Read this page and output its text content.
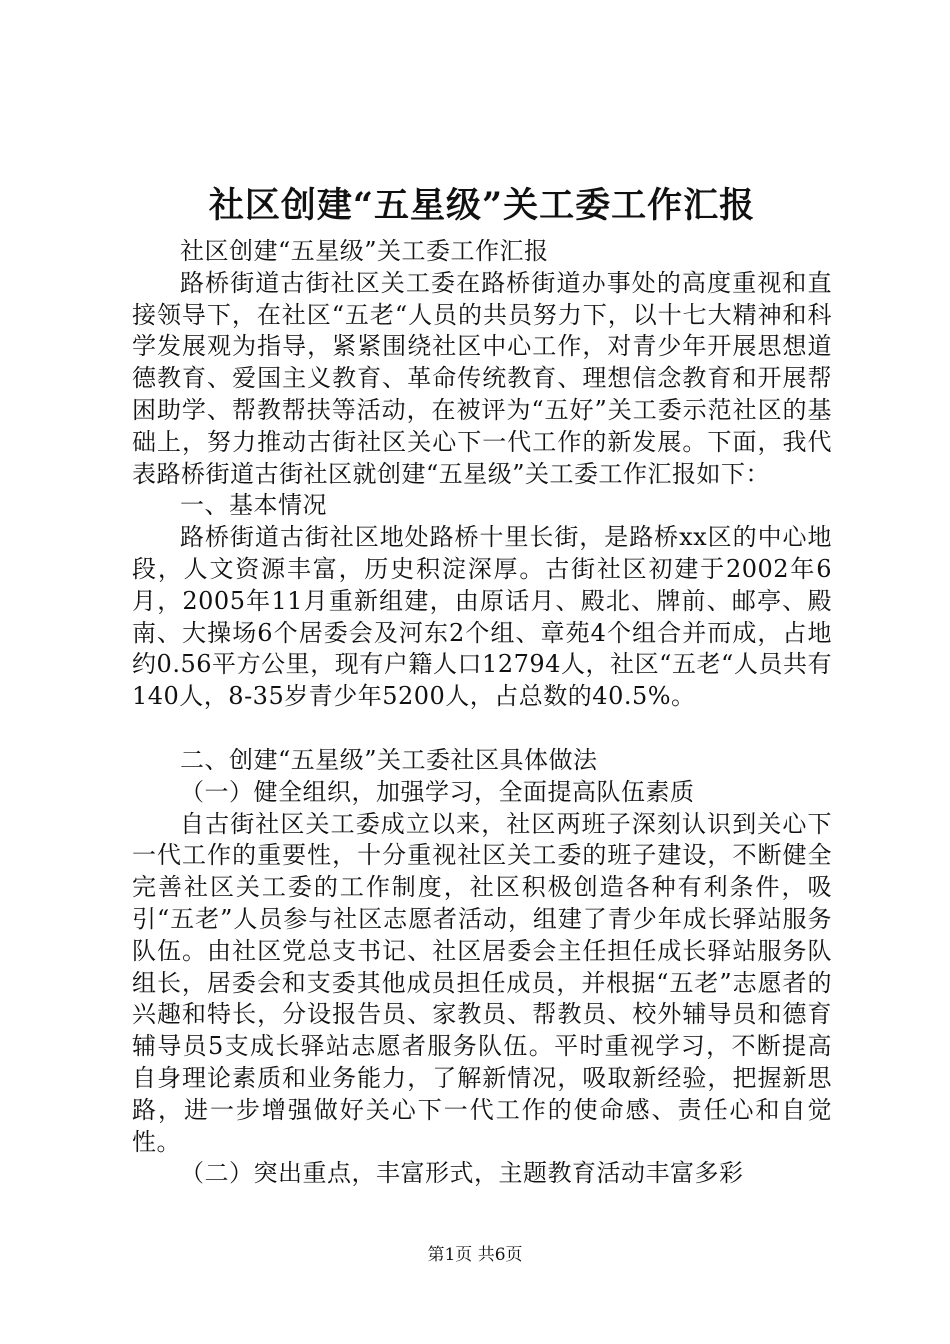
社区创建“五星级”关工委工作汇报

社区创建“五星级”关工委工作汇报

路桥街道古街社区关工委在路桥街道办事处的高度重视和直接领导下，在社区“五老“人员的共员努力下，以十七大精神和科学发展观为指导，紧紧围绕社区中心工作，对青少年开展思想道德教育、爱国主义教育、革命传统教育、理想信念教育和开展帮困助学、帮教帮扶等活动，在被评为“五好”关工委示范社区的基础上，努力推动古街社区关心下一代工作的新发展。下面，我代表路桥街道古街社区就创建“五星级”关工委工作汇报如下：

一、基本情况

路桥街道古街社区地处路桥十里长街，是路桥xx区的中心地段，人文资源丰富，历史积淀深厚。古街社区初建于2002年6月，2005年11月重新组建，由原话月、殿北、牌前、邮亭、殿南、大操场6个居委会及河东2个组、章苑4个组合并而成，占地约0.56平方公里，现有户籍人口12794人，社区“五老“人员共有140人，8-35岁青少年5200人，占总数的40.5%。

二、创建“五星级”关工委社区具体做法

（一）健全组织，加强学习，全面提高队伍素质

自古街社区关工委成立以来，社区两班子深刻认识到关心下一代工作的重要性，十分重视社区关工委的班子建设，不断健全完善社区关工委的工作制度，社区积极创造各种有利条件，吸引“五老”人员参与社区志愿者活动，组建了青少年成长驿站服务队伍。由社区党总支书记、社区居委会主任担任成长驿站服务队组长，居委会和支委其他成员担任成员，并根据“五老”志愿者的兴趣和特长，分设报告员、家教员、帮教员、校外辅导员和德育辅导员5支成长驿站志愿者服务队伍。平时重视学习，不断提高自身理论素质和业务能力，了解新情况，吸取新经验，把握新思路，进一步增强做好关心下一代工作的使命感、责任心和自觉性。

（二）突出重点，丰富形式，主题教育活动丰富多彩

第1页 共6页
